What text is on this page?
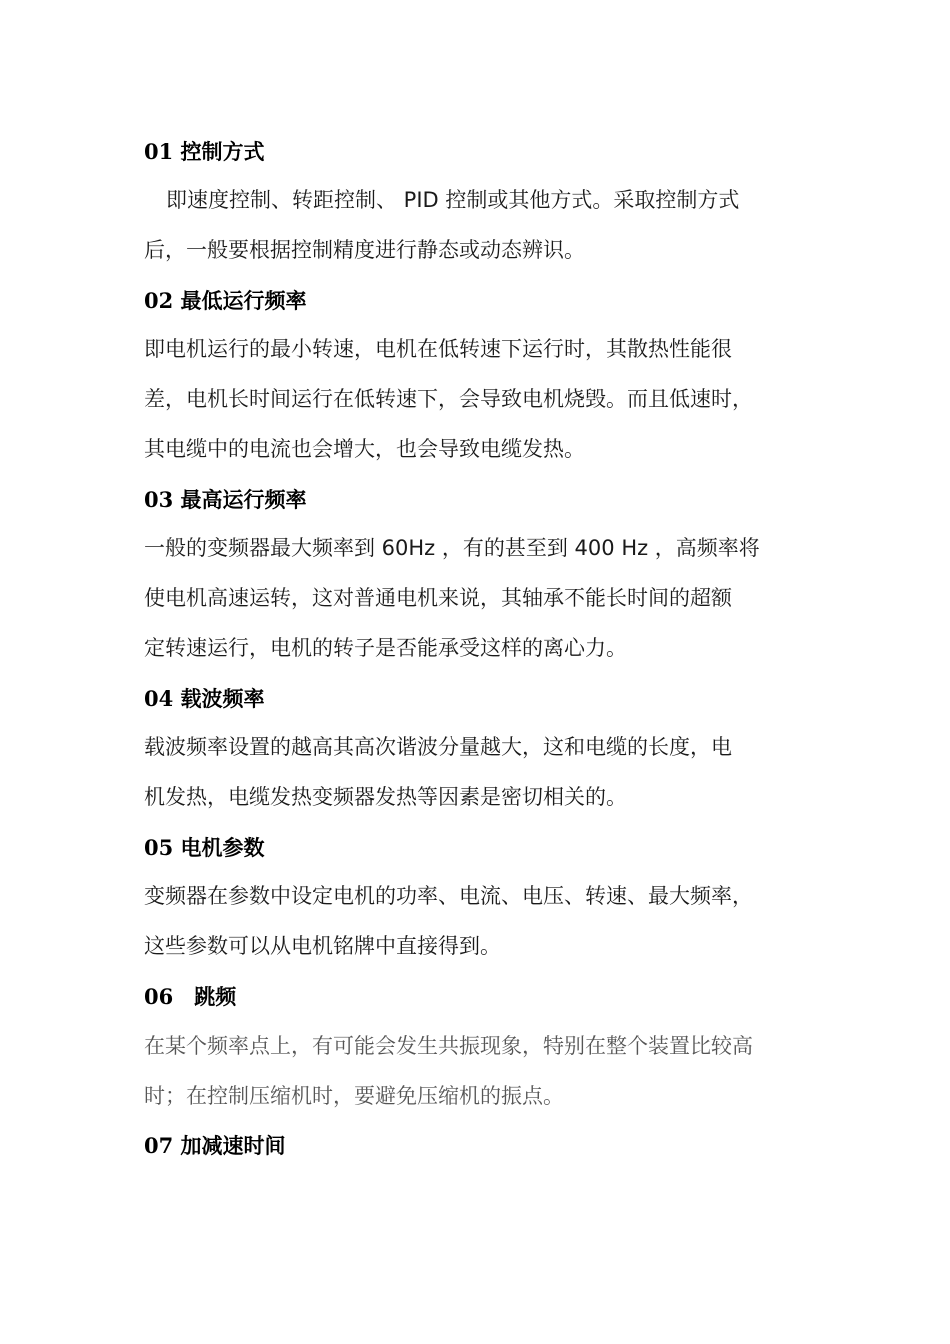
01 控制方式
即速度控制、转距控制、 PID 控制或其他方式。采取控制方式
后，一般要根据控制精度进行静态或动态辨识。
02 最低运行频率
即电机运行的最小转速，电机在低转速下运行时，其散热性能很
差，电机长时间运行在低转速下，会导致电机烧毁。而且低速时，
其电缆中的电流也会增大，也会导致电缆发热。
03 最高运行频率
一般的变频器最大频率到 60Hz ，有的甚至到 400 Hz ，高频率将
使电机高速运转，这对普通电机来说，其轴承不能长时间的超额
定转速运行，电机的转子是否能承受这样的离心力。
04 载波频率
载波频率设置的越高其高次谐波分量越大，这和电缆的长度，电
机发热，电缆发热变频器发热等因素是密切相关的。
05 电机参数
变频器在参数中设定电机的功率、电流、电压、转速、最大频率，
这些参数可以从电机铭牌中直接得到。
06　跳频
在某个频率点上，有可能会发生共振现象，特别在整个装置比较高
时；在控制压缩机时，要避免压缩机的振点。
07 加减速时间
